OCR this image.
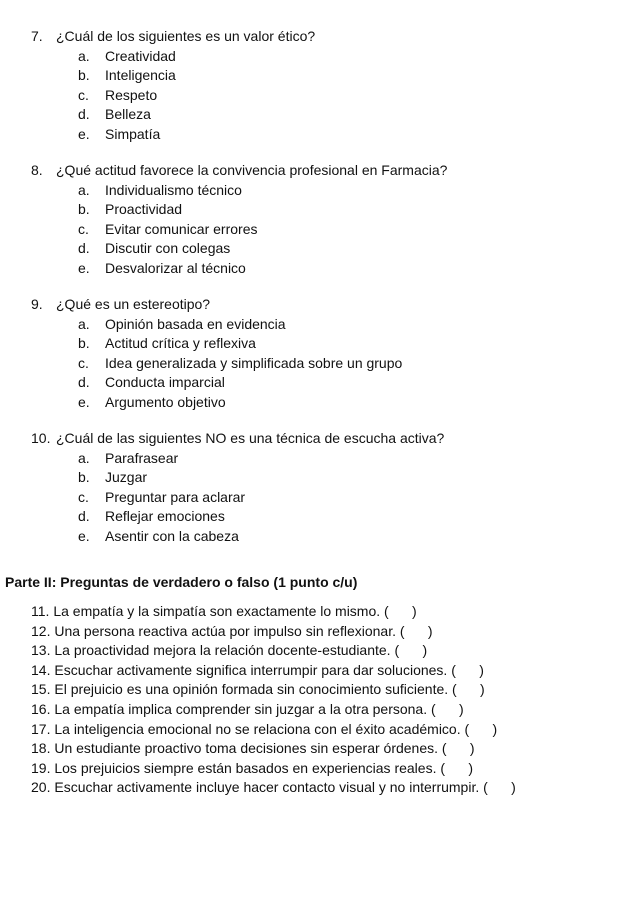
7. ¿Cuál de los siguientes es un valor ético?
a.	Creatividad
b.	Inteligencia
c.	Respeto
d.	Belleza
e.	Simpatía
8. ¿Qué actitud favorece la convivencia profesional en Farmacia?
a.	Individualismo técnico
b.	Proactividad
c.	Evitar comunicar errores
d.	Discutir con colegas
e.	Desvalorizar al técnico
9. ¿Qué es un estereotipo?
a.	Opinión basada en evidencia
b.	Actitud crítica y reflexiva
c.	Idea generalizada y simplificada sobre un grupo
d.	Conducta imparcial
e.	Argumento objetivo
10. ¿Cuál de las siguientes NO es una técnica de escucha activa?
a.	Parafrasear
b.	Juzgar
c.	Preguntar para aclarar
d.	Reflejar emociones
e.	Asentir con la cabeza
Parte II: Preguntas de verdadero o falso (1 punto c/u)
11. La empatía y la simpatía son exactamente lo mismo. (      )
12. Una persona reactiva actúa por impulso sin reflexionar. (      )
13. La proactividad mejora la relación docente-estudiante. (      )
14. Escuchar activamente significa interrumpir para dar soluciones. (      )
15. El prejuicio es una opinión formada sin conocimiento suficiente. (      )
16. La empatía implica comprender sin juzgar a la otra persona. (      )
17. La inteligencia emocional no se relaciona con el éxito académico. (      )
18. Un estudiante proactivo toma decisiones sin esperar órdenes. (      )
19. Los prejuicios siempre están basados en experiencias reales. (      )
20. Escuchar activamente incluye hacer contacto visual y no interrumpir. (      )
